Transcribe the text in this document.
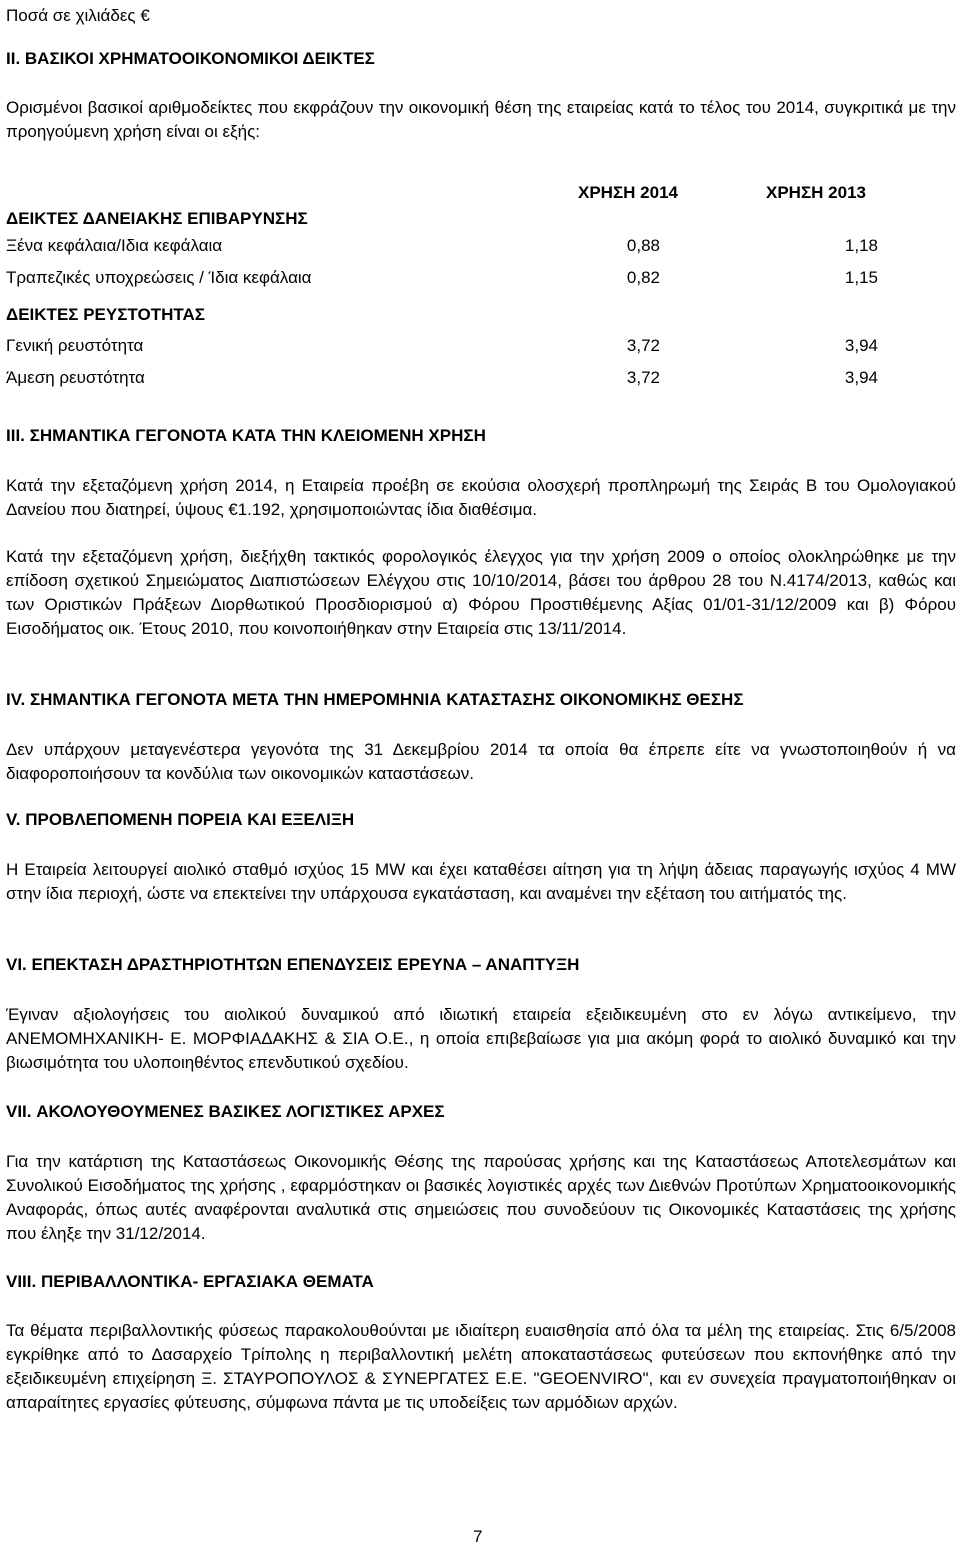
Ποσά σε χιλιάδες €
II. ΒΑΣΙΚΟΙ ΧΡΗΜΑΤΟΟΙΚΟΝΟΜΙΚΟΙ ΔΕΙΚΤΕΣ
Ορισμένοι βασικοί αριθμοδείκτες που εκφράζουν την οικονομική θέση της εταιρείας κατά το τέλος του 2014, συγκριτικά με την προηγούμενη χρήση είναι οι εξής:
ΧΡΗΣΗ 2014	ΧΡΗΣΗ 2013
ΔΕΙΚΤΕΣ ΔΑΝΕΙΑΚΗΣ ΕΠΙΒΑΡΥΝΣΗΣ
Ξένα κεφάλαια/Ιδια κεφάλαια	0,88	1,18
Τραπεζικές υποχρεώσεις / Ίδια κεφάλαια	0,82	1,15
ΔΕΙΚΤΕΣ ΡΕΥΣΤΟΤΗΤΑΣ
Γενική ρευστότητα	3,72	3,94
Άμεση ρευστότητα	3,72	3,94
III. ΣΗΜΑΝΤΙΚΑ ΓΕΓΟΝΟΤΑ ΚΑΤΑ ΤΗΝ ΚΛΕΙΟΜΕΝΗ ΧΡΗΣΗ
Κατά την εξεταζόμενη χρήση 2014, η Εταιρεία προέβη σε εκούσια ολοσχερή προπληρωμή της Σειράς Β του Ομολογιακού Δανείου που διατηρεί, ύψους €1.192, χρησιμοποιώντας ίδια διαθέσιμα.
Κατά την εξεταζόμενη χρήση, διεξήχθη τακτικός φορολογικός έλεγχος για την χρήση 2009 ο οποίος ολοκληρώθηκε με την επίδοση σχετικού Σημειώματος Διαπιστώσεων Ελέγχου στις 10/10/2014, βάσει του άρθρου 28 του Ν.4174/2013, καθώς και των Οριστικών Πράξεων Διορθωτικού Προσδιορισμού α) Φόρου Προστιθέμενης Αξίας 01/01-31/12/2009 και β) Φόρου Εισοδήματος οικ. Έτους 2010, που κοινοποιήθηκαν στην Εταιρεία στις 13/11/2014.
IV. ΣΗΜΑΝΤΙΚΑ ΓΕΓΟΝΟΤΑ ΜΕΤΑ ΤΗΝ ΗΜΕΡΟΜΗΝΙΑ ΚΑΤΑΣΤΑΣΗΣ ΟΙΚΟΝΟΜΙΚΗΣ ΘΕΣΗΣ
Δεν υπάρχουν μεταγενέστερα γεγονότα της 31 Δεκεμβρίου 2014 τα οποία θα έπρεπε είτε να γνωστοποιηθούν ή να διαφοροποιήσουν τα κονδύλια των οικονομικών καταστάσεων.
V. ΠΡΟΒΛΕΠΟΜΕΝΗ ΠΟΡΕΙΑ ΚΑΙ ΕΞΕΛΙΞΗ
Η Εταιρεία λειτουργεί αιολικό σταθμό ισχύος 15 MW και έχει καταθέσει αίτηση για τη λήψη άδειας παραγωγής ισχύος 4 MW στην ίδια περιοχή, ώστε να επεκτείνει την υπάρχουσα εγκατάσταση, και αναμένει την εξέταση του αιτήματός της.
VI. ΕΠΕΚΤΑΣΗ ΔΡΑΣΤΗΡΙΟΤΗΤΩΝ ΕΠΕΝΔΥΣΕΙΣ ΕΡΕΥΝΑ – ΑΝΑΠΤΥΞΗ
Έγιναν αξιολογήσεις του αιολικού δυναμικού από ιδιωτική εταιρεία εξειδικευμένη στο εν λόγω αντικείμενο, την ΑΝΕΜΟΜΗΧΑΝΙΚΗ- Ε. ΜΟΡΦΙΑΔΑΚΗΣ & ΣΙΑ Ο.Ε., η οποία επιβεβαίωσε για μια ακόμη φορά το αιολικό δυναμικό και την βιωσιμότητα του υλοποιηθέντος επενδυτικού σχεδίου.
VII. ΑΚΟΛΟΥΘΟΥΜΕΝΕΣ ΒΑΣΙΚΕΣ ΛΟΓΙΣΤΙΚΕΣ ΑΡΧΕΣ
Για την κατάρτιση της Καταστάσεως Οικονομικής Θέσης της παρούσας χρήσης και της Καταστάσεως Αποτελεσμάτων και Συνολικού Εισοδήματος της χρήσης , εφαρμόστηκαν οι βασικές λογιστικές αρχές των Διεθνών Προτύπων Χρηματοοικονομικής Αναφοράς, όπως αυτές αναφέρονται αναλυτικά στις σημειώσεις που συνοδεύουν τις Οικονομικές Καταστάσεις της χρήσης που έληξε την 31/12/2014.
VIII. ΠΕΡΙΒΑΛΛΟΝΤΙΚΑ- ΕΡΓΑΣΙΑΚΑ ΘΕΜΑΤΑ
Τα θέματα περιβαλλοντικής φύσεως παρακολουθούνται με ιδιαίτερη ευαισθησία από όλα τα μέλη της εταιρείας. Στις 6/5/2008 εγκρίθηκε από το Δασαρχείο Τρίπολης η περιβαλλοντική μελέτη αποκαταστάσεως φυτεύσεων που εκπονήθηκε από την εξειδικευμένη επιχείρηση Ξ. ΣΤΑΥΡΟΠΟΥΛΟΣ & ΣΥΝΕΡΓΑΤΕΣ Ε.Ε. "GEOENVIRO", και εν συνεχεία πραγματοποιήθηκαν οι απαραίτητες εργασίες φύτευσης, σύμφωνα πάντα με τις υποδείξεις των αρμόδιων αρχών.
7
